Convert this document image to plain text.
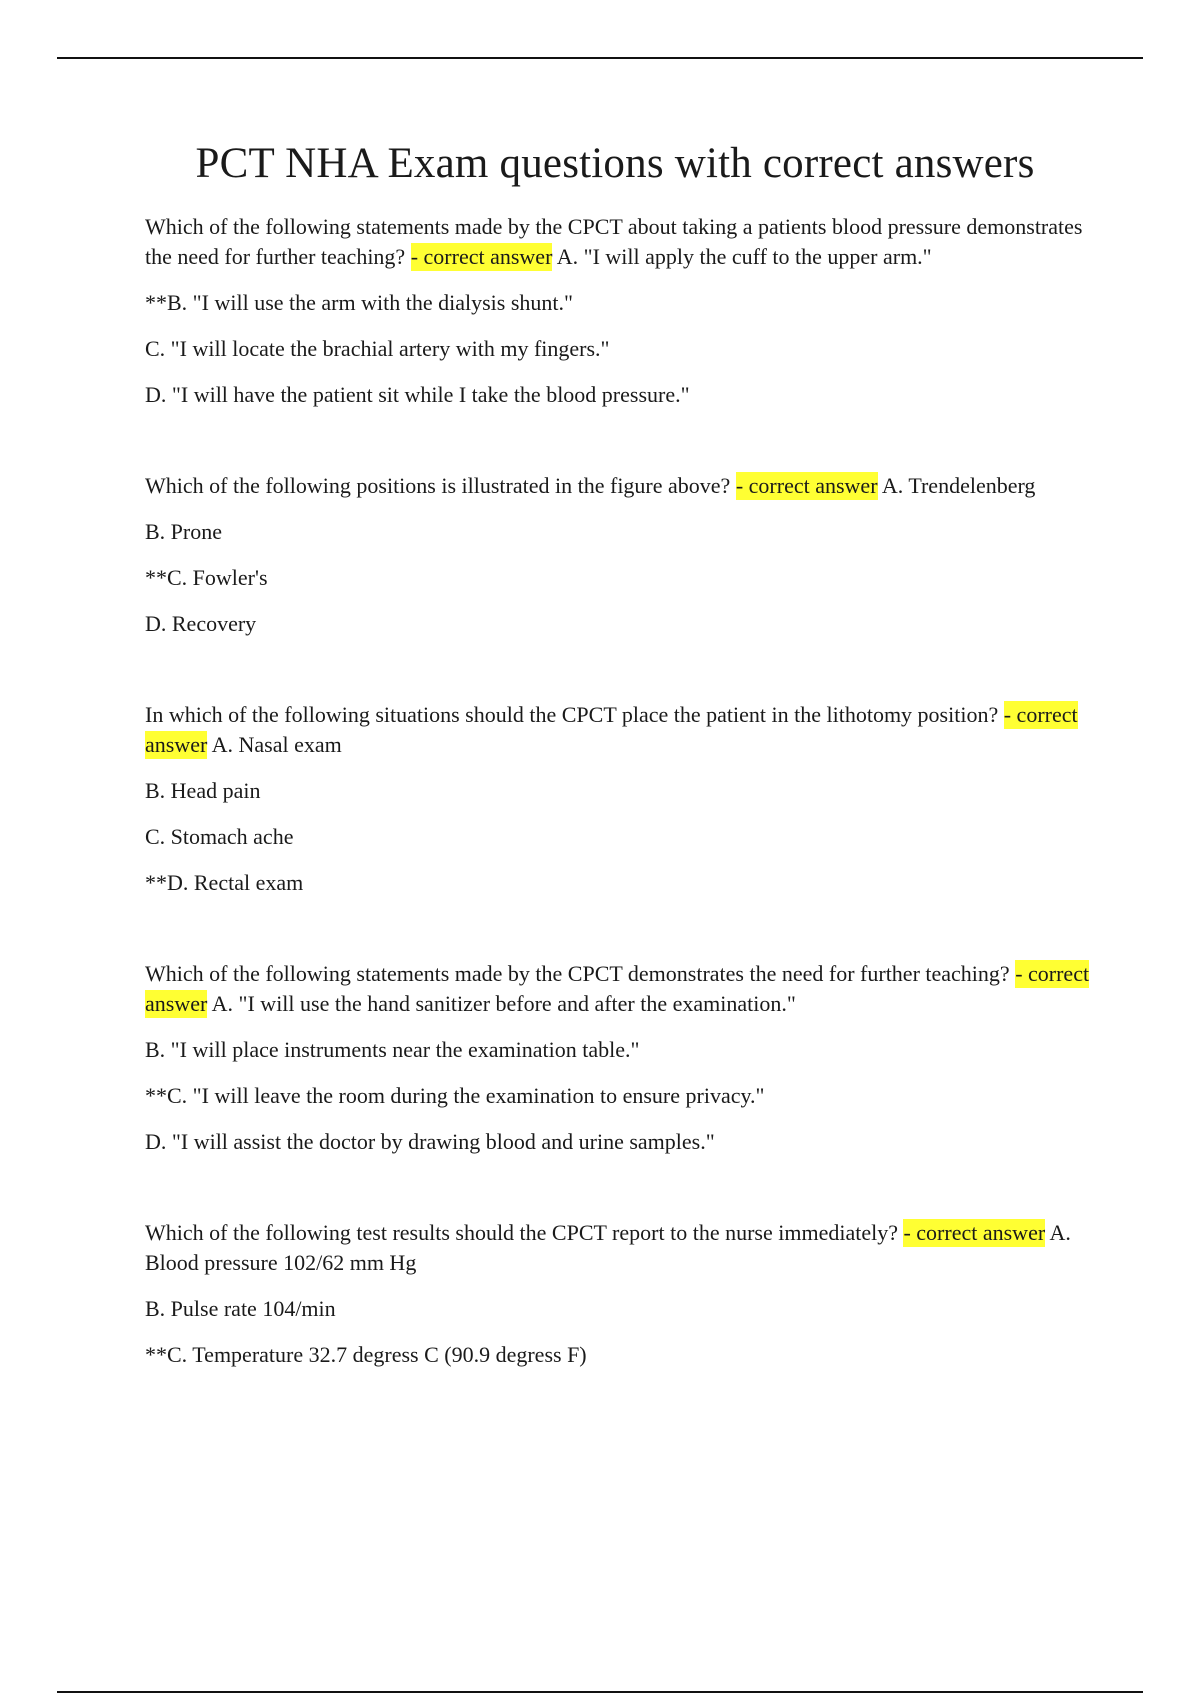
PCT NHA Exam questions with correct answers

Which of the following statements made by the CPCT about taking a patients blood pressure demonstrates the need for further teaching? - correct answer A. "I will apply the cuff to the upper arm."

**B. "I will use the arm with the dialysis shunt."

C. "I will locate the brachial artery with my fingers."

D. "I will have the patient sit while I take the blood pressure."

Which of the following positions is illustrated in the figure above? - correct answer A. Trendelenberg

B. Prone

**C. Fowler's

D. Recovery

In which of the following situations should the CPCT place the patient in the lithotomy position? - correct answer A. Nasal exam

B. Head pain

C. Stomach ache

**D. Rectal exam

Which of the following statements made by the CPCT demonstrates the need for further teaching? - correct answer A. "I will use the hand sanitizer before and after the examination."

B. "I will place instruments near the examination table."

**C. "I will leave the room during the examination to ensure privacy."

D. "I will assist the doctor by drawing blood and urine samples."

Which of the following test results should the CPCT report to the nurse immediately? - correct answer A. Blood pressure 102/62 mm Hg

B. Pulse rate 104/min

**C. Temperature 32.7 degress C (90.9 degress F)
